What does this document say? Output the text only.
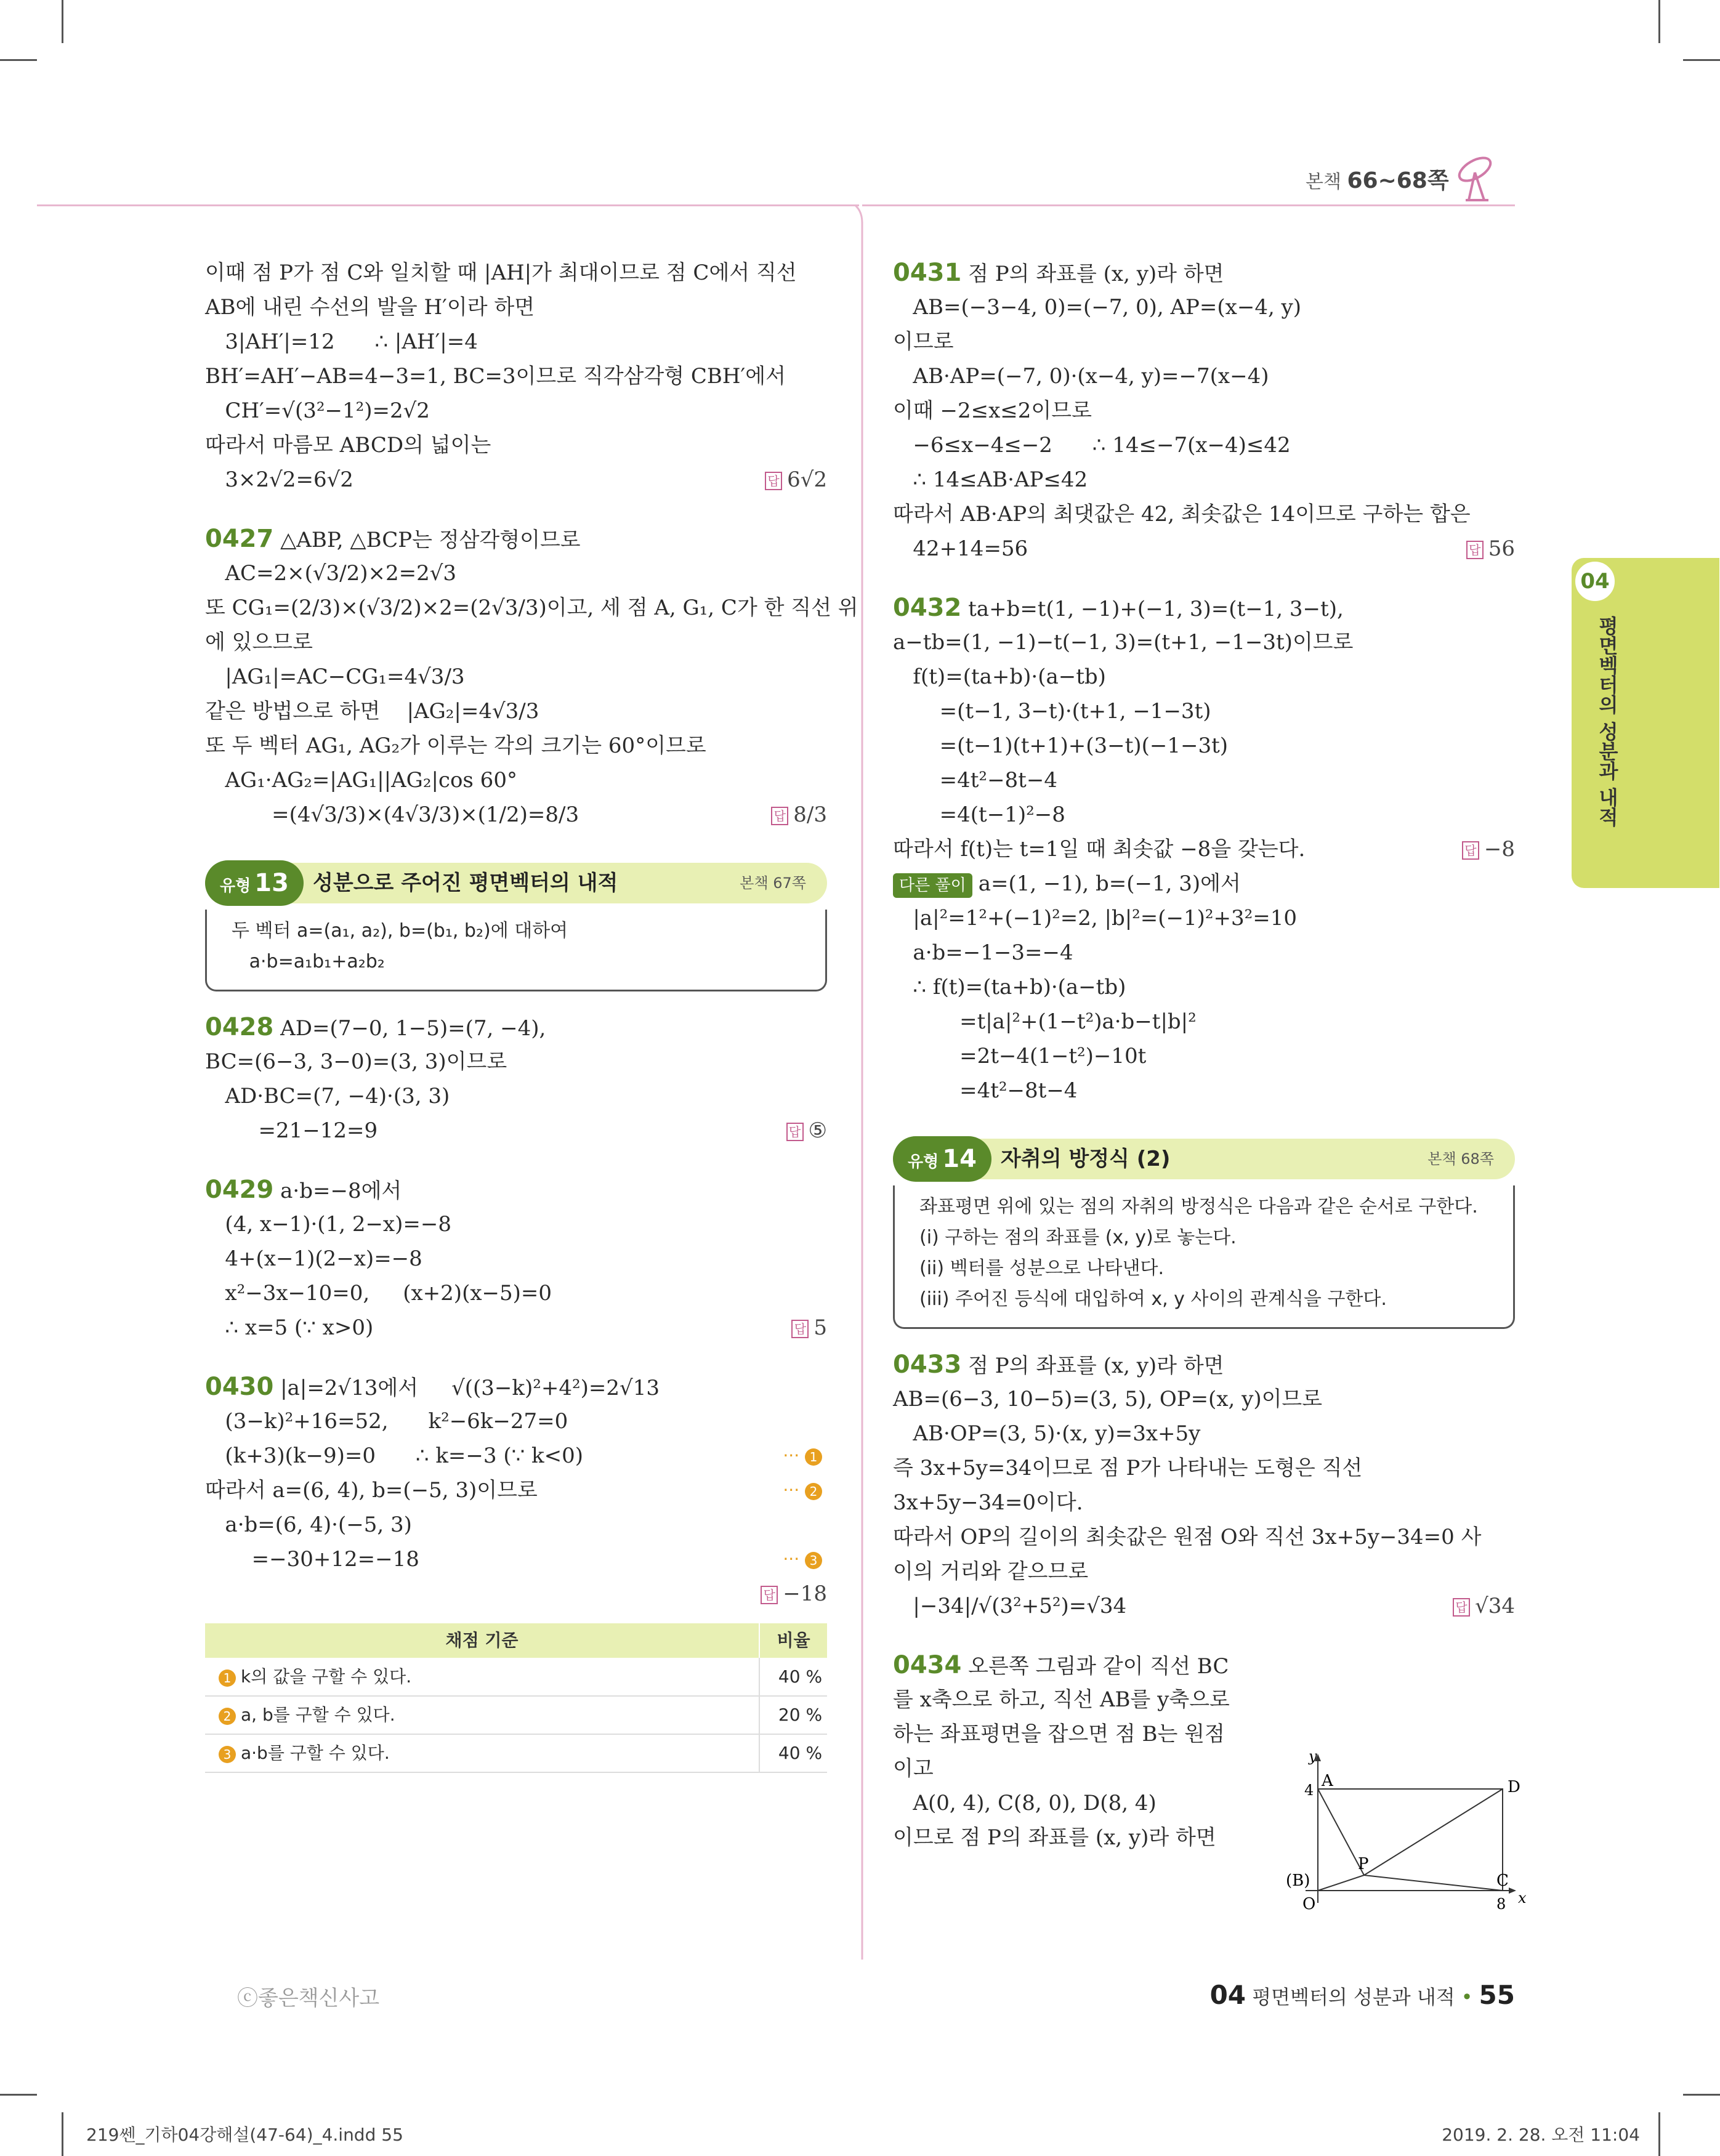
본책 66~68쪽
이때 점 P가 점 C와 일치할 때 |AH|가 최대이므로 점 C에서 직선
AB에 내린 수선의 발을 H′이라 하면
3|AH′|=12      ∴ |AH′|=4
BH′=AH′−AB=4−3=1, BC=3이므로 직각삼각형 CBH′에서
CH′=√(3²−1²)=2√2
따라서 마름모 ABCD의 넓이는
3×2√2=6√2	답 6√2
0427 △ABP, △BCP는 정삼각형이므로
AC=2×(√3/2)×2=2√3
또 CG₁=(2/3)×(√3/2)×2=(2√3/3)이고, 세 점 A, G₁, C가 한 직선 위
에 있으므로
|AG₁|=AC−CG₁=4√3/3
같은 방법으로 하면    |AG₂|=4√3/3
또 두 벡터 AG₁, AG₂가 이루는 각의 크기는 60°이므로
AG₁·AG₂=|AG₁||AG₂|cos 60°
=(4√3/3)×(4√3/3)×(1/2)=8/3	답 8/3
유형 13	성분으로 주어진 평면벡터의 내적	본책 67쪽
두 벡터 a=(a₁, a₂), b=(b₁, b₂)에 대하여
a·b=a₁b₁+a₂b₂
0428 AD=(7−0, 1−5)=(7, −4),
BC=(6−3, 3−0)=(3, 3)이므로
AD·BC=(7, −4)·(3, 3)
=21−12=9	답 ⑤
0429 a·b=−8에서
(4, x−1)·(1, 2−x)=−8
4+(x−1)(2−x)=−8
x²−3x−10=0,     (x+2)(x−5)=0
∴ x=5 (∵ x>0)	답 5
0430 |a|=2√13에서     √((3−k)²+4²)=2√13
(3−k)²+16=52,      k²−6k−27=0
(k+3)(k−9)=0      ∴ k=−3 (∵ k<0)	··· 1
따라서 a=(6, 4), b=(−5, 3)이므로	··· 2
a·b=(6, 4)·(−5, 3)
=−30+12=−18	··· 3
답 −18
채점 기준	비율
1 k의 값을 구할 수 있다.	40 %
2 a, b를 구할 수 있다.	20 %
3 a·b를 구할 수 있다.	40 %
0431 점 P의 좌표를 (x, y)라 하면
AB=(−3−4, 0)=(−7, 0), AP=(x−4, y)
이므로
AB·AP=(−7, 0)·(x−4, y)=−7(x−4)
이때 −2≤x≤2이므로
−6≤x−4≤−2      ∴ 14≤−7(x−4)≤42
∴ 14≤AB·AP≤42
따라서 AB·AP의 최댓값은 42, 최솟값은 14이므로 구하는 합은
42+14=56	답 56
0432 ta+b=t(1, −1)+(−1, 3)=(t−1, 3−t),
a−tb=(1, −1)−t(−1, 3)=(t+1, −1−3t)이므로
f(t)=(ta+b)·(a−tb)
=(t−1, 3−t)·(t+1, −1−3t)
=(t−1)(t+1)+(3−t)(−1−3t)
=4t²−8t−4
=4(t−1)²−8
따라서 f(t)는 t=1일 때 최솟값 −8을 갖는다.	답 −8
다른 풀이 a=(1, −1), b=(−1, 3)에서
|a|²=1²+(−1)²=2, |b|²=(−1)²+3²=10
a·b=−1−3=−4
∴ f(t)=(ta+b)·(a−tb)
=t|a|²+(1−t²)a·b−t|b|²
=2t−4(1−t²)−10t
=4t²−8t−4
유형 14	자취의 방정식 (2)	본책 68쪽
좌표평면 위에 있는 점의 자취의 방정식은 다음과 같은 순서로 구한다.
(i) 구하는 점의 좌표를 (x, y)로 놓는다.
(ii) 벡터를 성분으로 나타낸다.
(iii) 주어진 등식에 대입하여 x, y 사이의 관계식을 구한다.
0433 점 P의 좌표를 (x, y)라 하면
AB=(6−3, 10−5)=(3, 5), OP=(x, y)이므로
AB·OP=(3, 5)·(x, y)=3x+5y
즉 3x+5y=34이므로 점 P가 나타내는 도형은 직선
3x+5y−34=0이다.
따라서 OP의 길이의 최솟값은 원점 O와 직선 3x+5y−34=0 사
이의 거리와 같으므로
|−34|/√(3²+5²)=√34	답 √34
0434 오른쪽 그림과 같이 직선 BC
를 x축으로 하고, 직선 AB를 y축으로
하는 좌표평면을 잡으면 점 B는 원점
이고
A(0, 4), C(8, 0), D(8, 4)
이므로 점 P의 좌표를 (x, y)라 하면
y
x
A	D
P
(B)
O
C
4
8
04
평면벡터의 성분과 내적
ⓒ좋은책신사고	04 평면벡터의 성분과 내적 • 55
219쎈_기하04강해설(47-64)_4.indd 55	2019. 2. 28. 오전 11:04
